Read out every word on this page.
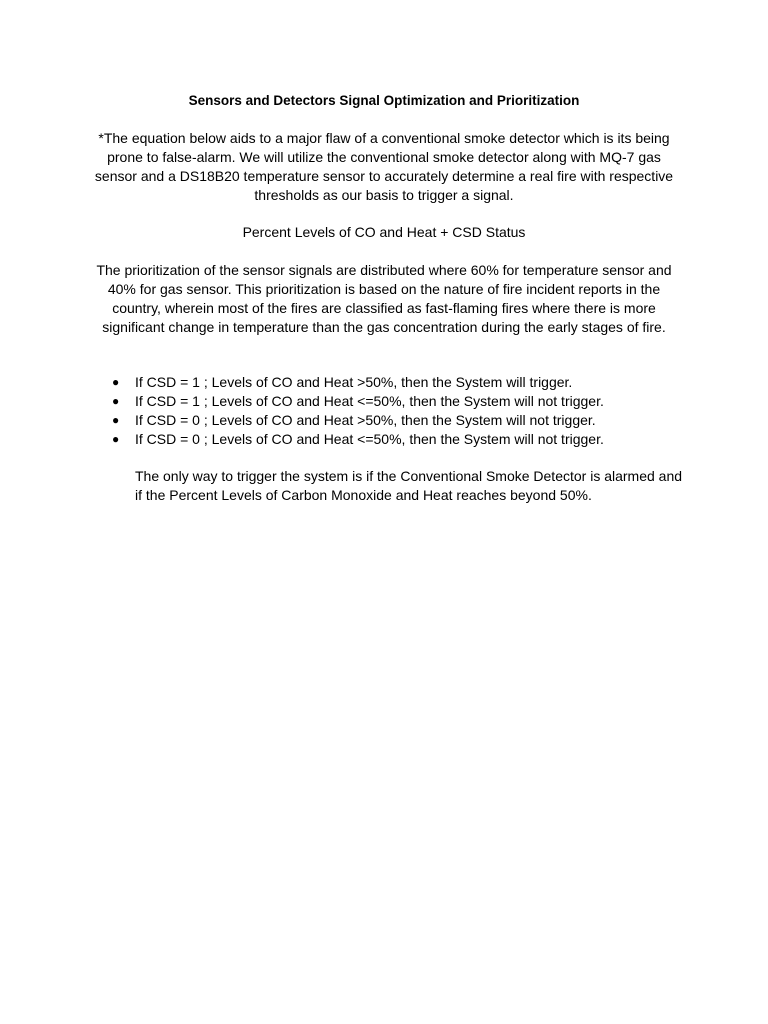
Sensors and Detectors Signal Optimization and Prioritization
*The equation below aids to a major flaw of a conventional smoke detector which is its being prone to false-alarm. We will utilize the conventional smoke detector along with MQ-7 gas sensor and a DS18B20 temperature sensor to accurately determine a real fire with respective thresholds as our basis to trigger a signal.
Percent Levels of CO and Heat + CSD Status
The prioritization of the sensor signals are distributed where 60% for temperature sensor and 40% for gas sensor. This prioritization is based on the nature of fire incident reports in the country, wherein most of the fires are classified as fast-flaming fires where there is more significant change in temperature than the gas concentration during the early stages of fire.
● If CSD = 1 ; Levels of CO and Heat >50%, then the System will trigger.
● If CSD = 1 ; Levels of CO and Heat <=50%, then the System will not trigger.
● If CSD = 0 ; Levels of CO and Heat >50%, then the System will not trigger.
● If CSD = 0 ; Levels of CO and Heat <=50%, then the System will not trigger.
The only way to trigger the system is if the Conventional Smoke Detector is alarmed and if the Percent Levels of Carbon Monoxide and Heat reaches beyond 50%.
